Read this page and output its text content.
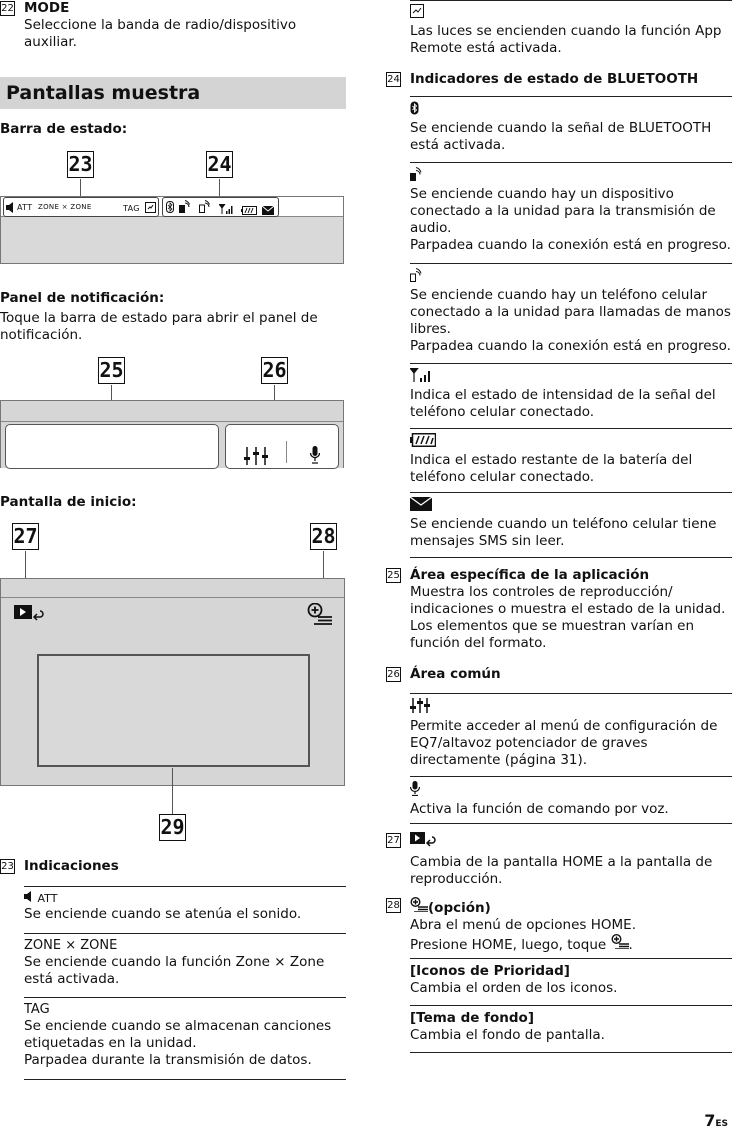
22 MODE
Seleccione la banda de radio/dispositivo auxiliar.
Pantallas muestra
Barra de estado:
23	24
ATT ZONE × ZONE	TAG
Panel de notificación:
Toque la barra de estado para abrir el panel de notificación.
25	26
Pantalla de inicio:
27	28
29
23 Indicaciones
ATT
Se enciende cuando se atenúa el sonido.
ZONE × ZONE
Se enciende cuando la función Zone × Zone está activada.
TAG
Se enciende cuando se almacenan canciones etiquetadas en la unidad.
Parpadea durante la transmisión de datos.
Las luces se encienden cuando la función App Remote está activada.
24 Indicadores de estado de BLUETOOTH
Se enciende cuando la señal de BLUETOOTH está activada.
Se enciende cuando hay un dispositivo conectado a la unidad para la transmisión de audio.
Parpadea cuando la conexión está en progreso.
Se enciende cuando hay un teléfono celular conectado a la unidad para llamadas de manos libres.
Parpadea cuando la conexión está en progreso.
Indica el estado de intensidad de la señal del teléfono celular conectado.
Indica el estado restante de la batería del teléfono celular conectado.
Se enciende cuando un teléfono celular tiene mensajes SMS sin leer.
25 Área específica de la aplicación
Muestra los controles de reproducción/ indicaciones o muestra el estado de la unidad. Los elementos que se muestran varían en función del formato.
26 Área común
Permite acceder al menú de configuración de EQ7/altavoz potenciador de graves directamente (página 31).
Activa la función de comando por voz.
27
Cambia de la pantalla HOME a la pantalla de reproducción.
28	(opción)
Abra el menú de opciones HOME.
Presione HOME, luego, toque .
[Iconos de Prioridad]
Cambia el orden de los iconos.
[Tema de fondo]
Cambia el fondo de pantalla.
7ES
